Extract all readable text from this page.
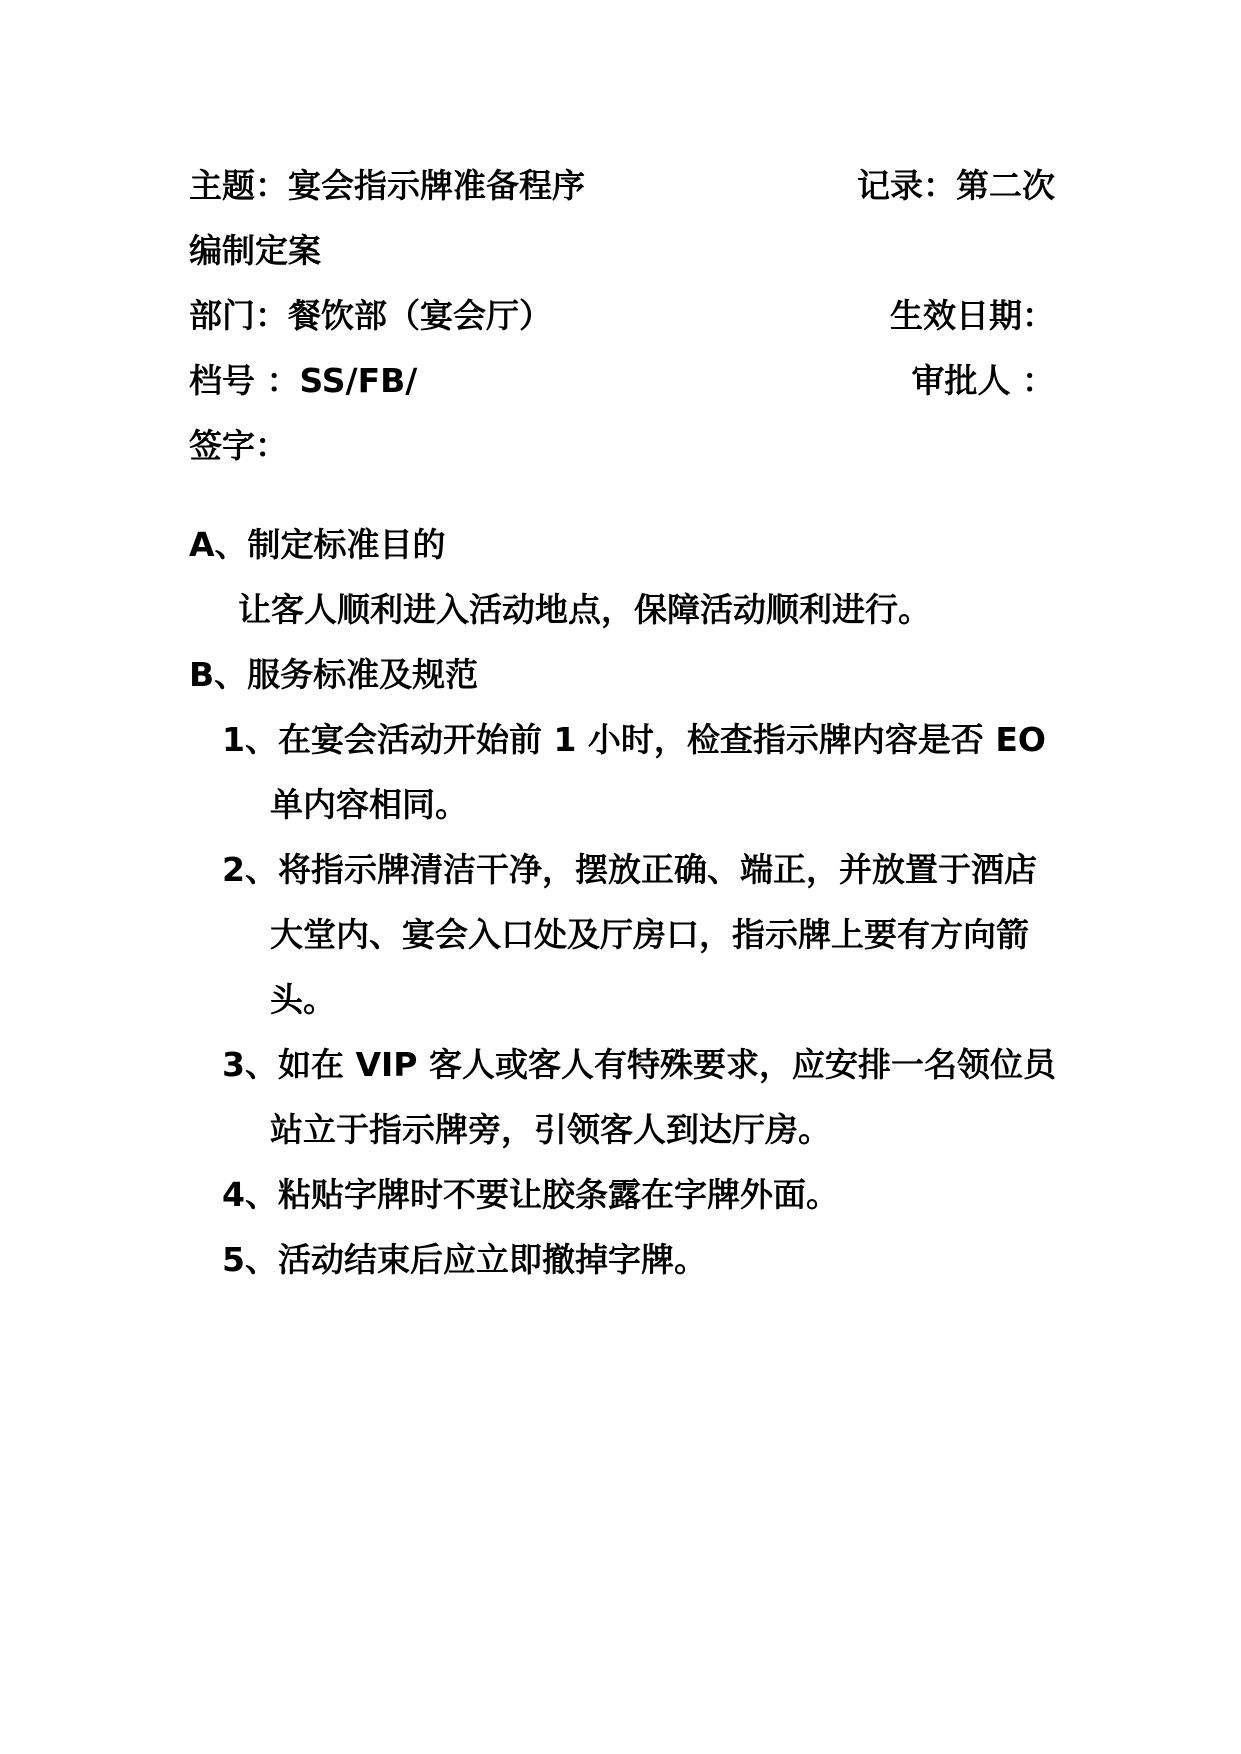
主题：宴会指示牌准备程序	记录：第二次
编制定案
部门：餐饮部（宴会厅）	生效日期：
档号 ：SS/FB/	审批人 ：
签字：
A、制定标准目的
让客人顺利进入活动地点，保障活动顺利进行。
B、服务标准及规范
1、在宴会活动开始前 1 小时，检查指示牌内容是否 EO
单内容相同。
2、将指示牌清洁干净，摆放正确、端正，并放置于酒店
大堂内、宴会入口处及厅房口，指示牌上要有方向箭
头。
3、如在 VIP 客人或客人有特殊要求，应安排一名领位员
站立于指示牌旁，引领客人到达厅房。
4、粘贴字牌时不要让胶条露在字牌外面。
5、活动结束后应立即撤掉字牌。
